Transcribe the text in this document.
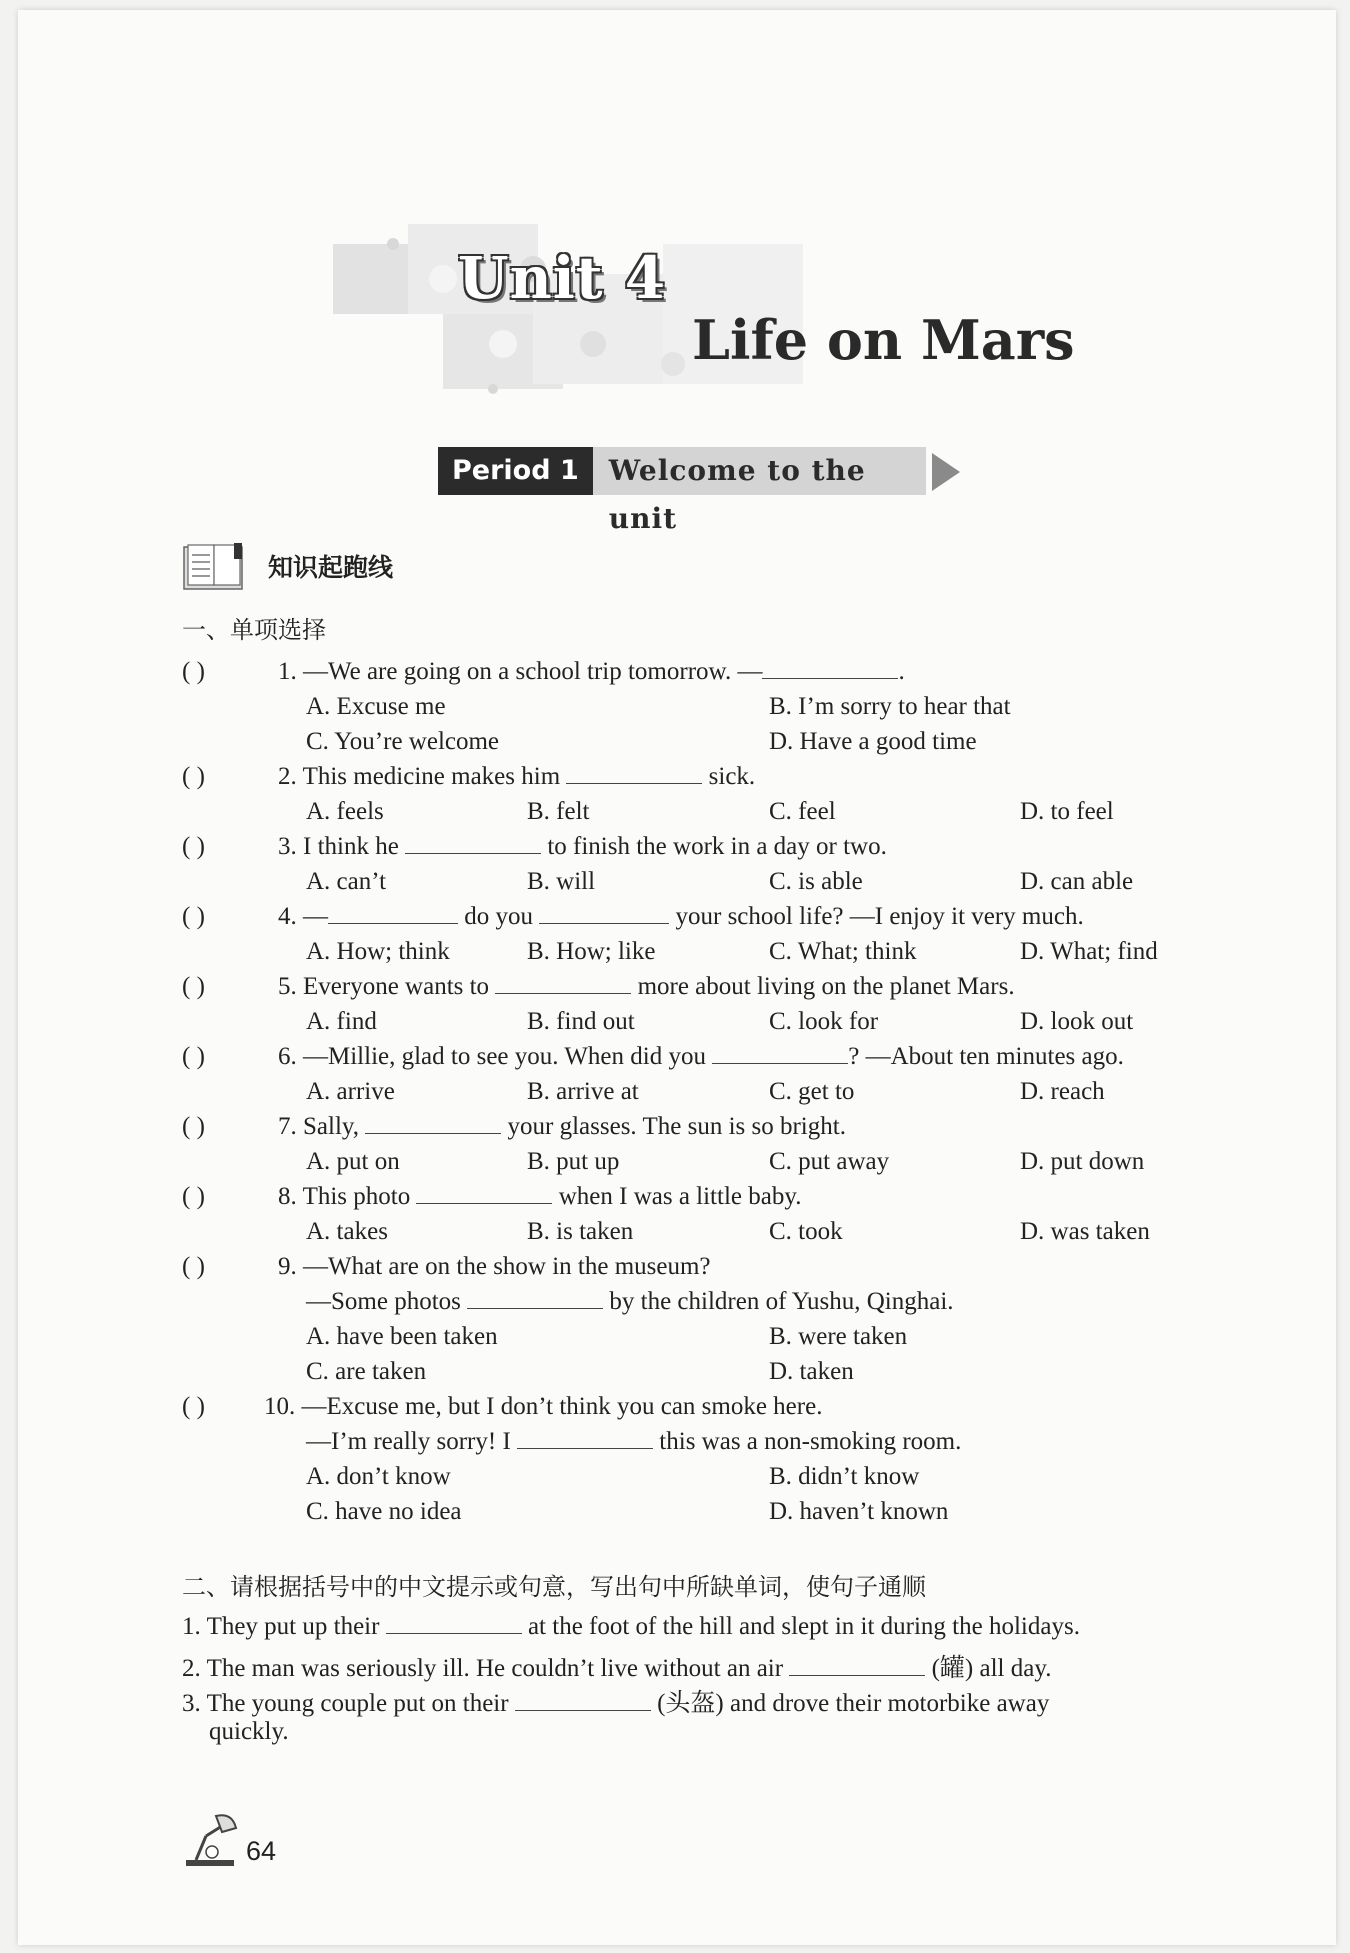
Unit 4
Life on Mars
Period 1	Welcome to the unit
知识起跑线
一、单项选择
( )	1. —We are going on a school trip tomorrow. —	.
A. Excuse me	B. I’m sorry to hear that
C. You’re welcome	D. Have a good time
( )	2. This medicine makes him	sick.
A. feels	B. felt	C. feel	D. to feel
( )	3. I think he	to finish the work in a day or two.
A. can’t	B. will	C. is able	D. can able
( )	4. —	do you	your school life? —I enjoy it very much.
A. How; think	B. How; like	C. What; think	D. What; find
( )	5. Everyone wants to	more about living on the planet Mars.
A. find	B. find out	C. look for	D. look out
( )	6. —Millie, glad to see you. When did you	? —About ten minutes ago.
A. arrive	B. arrive at	C. get to	D. reach
( )	7. Sally,	your glasses. The sun is so bright.
A. put on	B. put up	C. put away	D. put down
( )	8. This photo	when I was a little baby.
A. takes	B. is taken	C. took	D. was taken
( )	9. —What are on the show in the museum?
—Some photos	by the children of Yushu, Qinghai.
A. have been taken	B. were taken
C. are taken	D. taken
( ) 10. —Excuse me, but I don’t think you can smoke here.
—I’m really sorry! I	this was a non-smoking room.
A. don’t know	B. didn’t know
C. have no idea	D. haven’t known
二、请根据括号中的中文提示或句意，写出句中所缺单词，使句子通顺
1. They put up their	at the foot of the hill and slept in it during the holidays.
2. The man was seriously ill. He couldn’t live without an air	(罐) all day.
3. The young couple put on their	(头盔) and drove their motorbike away
quickly.
64
